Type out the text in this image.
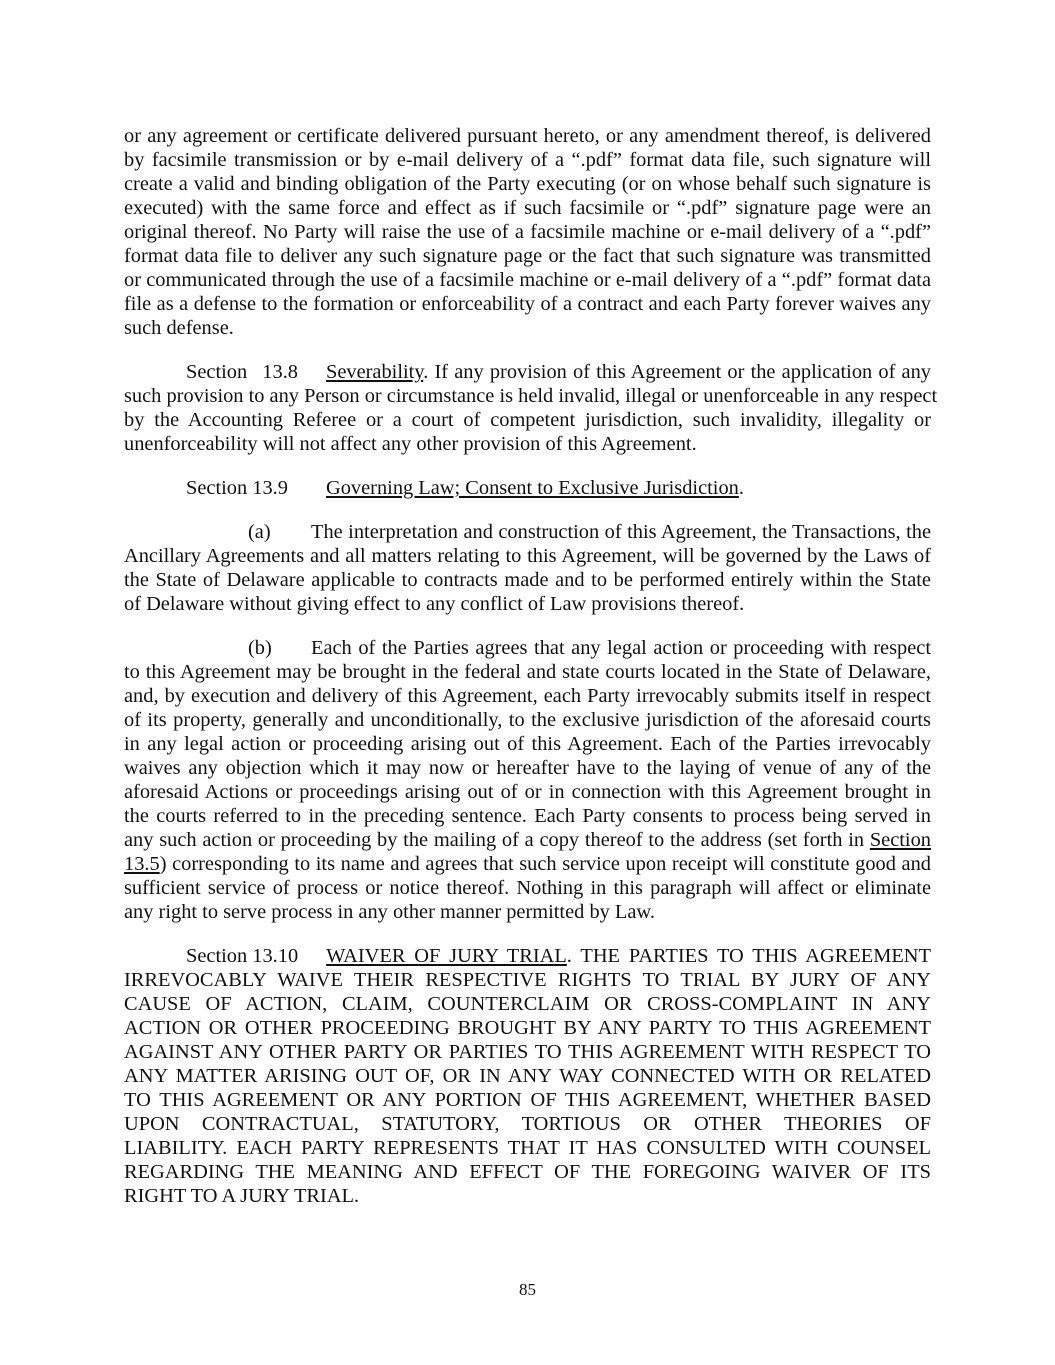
or any agreement or certificate delivered pursuant hereto, or any amendment thereof, is delivered
by facsimile transmission or by e-mail delivery of a “.pdf” format data file, such signature will
create a valid and binding obligation of the Party executing (or on whose behalf such signature is
executed) with the same force and effect as if such facsimile or “.pdf” signature page were an
original thereof. No Party will raise the use of a facsimile machine or e-mail delivery of a “.pdf”
format data file to deliver any such signature page or the fact that such signature was transmitted
or communicated through the use of a facsimile machine or e-mail delivery of a “.pdf” format data
file as a defense to the formation or enforceability of a contract and each Party forever waives any
such defense.
Section 13.8	Severability. If any provision of this Agreement or the application of any
such provision to any Person or circumstance is held invalid, illegal or unenforceable in any respect
by the Accounting Referee or a court of competent jurisdiction, such invalidity, illegality or
unenforceability will not affect any other provision of this Agreement.
Section 13.9	Governing Law; Consent to Exclusive Jurisdiction.
(a)	The interpretation and construction of this Agreement, the Transactions, the
Ancillary Agreements and all matters relating to this Agreement, will be governed by the Laws of
the State of Delaware applicable to contracts made and to be performed entirely within the State
of Delaware without giving effect to any conflict of Law provisions thereof.
(b)	Each of the Parties agrees that any legal action or proceeding with respect
to this Agreement may be brought in the federal and state courts located in the State of Delaware,
and, by execution and delivery of this Agreement, each Party irrevocably submits itself in respect
of its property, generally and unconditionally, to the exclusive jurisdiction of the aforesaid courts
in any legal action or proceeding arising out of this Agreement. Each of the Parties irrevocably
waives any objection which it may now or hereafter have to the laying of venue of any of the
aforesaid Actions or proceedings arising out of or in connection with this Agreement brought in
the courts referred to in the preceding sentence. Each Party consents to process being served in
any such action or proceeding by the mailing of a copy thereof to the address (set forth in Section
13.5) corresponding to its name and agrees that such service upon receipt will constitute good and
sufficient service of process or notice thereof. Nothing in this paragraph will affect or eliminate
any right to serve process in any other manner permitted by Law.
Section 13.10	WAIVER OF JURY TRIAL. THE PARTIES TO THIS AGREEMENT
IRREVOCABLY WAIVE THEIR RESPECTIVE RIGHTS TO TRIAL BY JURY OF ANY
CAUSE OF ACTION, CLAIM, COUNTERCLAIM OR CROSS-COMPLAINT IN ANY
ACTION OR OTHER PROCEEDING BROUGHT BY ANY PARTY TO THIS AGREEMENT
AGAINST ANY OTHER PARTY OR PARTIES TO THIS AGREEMENT WITH RESPECT TO
ANY MATTER ARISING OUT OF, OR IN ANY WAY CONNECTED WITH OR RELATED
TO THIS AGREEMENT OR ANY PORTION OF THIS AGREEMENT, WHETHER BASED
UPON CONTRACTUAL, STATUTORY, TORTIOUS OR OTHER THEORIES OF
LIABILITY. EACH PARTY REPRESENTS THAT IT HAS CONSULTED WITH COUNSEL
REGARDING THE MEANING AND EFFECT OF THE FOREGOING WAIVER OF ITS
RIGHT TO A JURY TRIAL.
85
